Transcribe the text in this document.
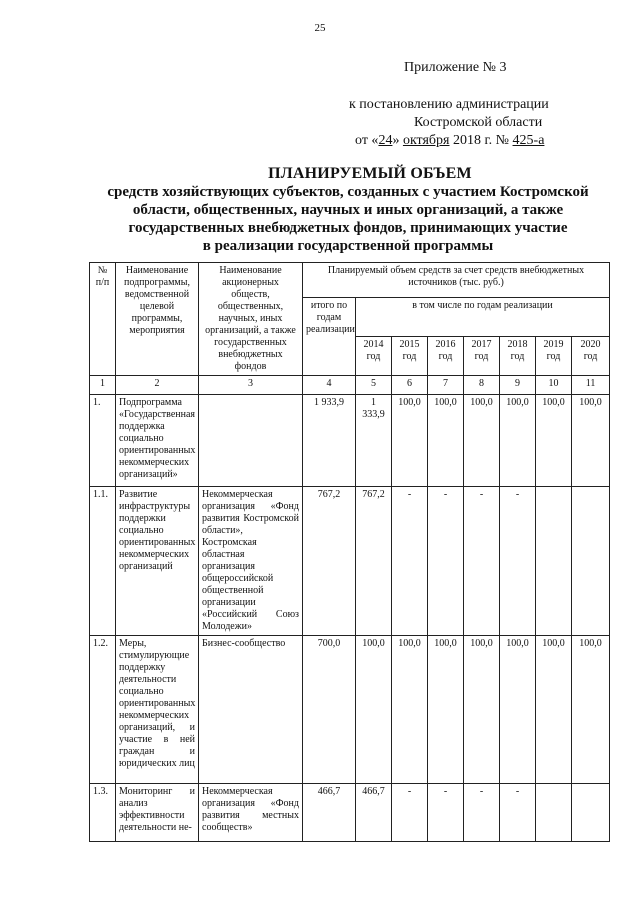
25
Приложение № 3
к постановлению администрации
Костромской области
от «24» октября 2018 г. № 425-а
ПЛАНИРУЕМЫЙ ОБЪЕМ
средств хозяйствующих субъектов, созданных с участием Костромской
области, общественных, научных и иных организаций, а также
государственных внебюджетных фондов, принимающих участие
в реализации государственной программы
№ п/п	Наименование подпрограммы, ведомственной целевой программы, мероприятия	Наименование акционерных обществ, общественных, научных, иных организаций, а также государственных внебюджетных фондов	Планируемый объем средств за счет средств внебюджетных источников (тыс. руб.)							
			итого по годам реализации	в том числе по годам реализации						
				2014 год	2015 год	2016 год	2017 год	2018 год	2019 год	2020 год
1	2	3	4	5	6	7	8	9	10	11
1.	Подпрограмма «Государственная поддержка социально ориентированных некоммерческих организаций»		1 933,9	1 333,9	100,0	100,0	100,0	100,0	100,0	100,0
1.1.	Развитие инфраструктуры поддержки социально ориентированных некоммерческих организаций	Некоммерческая организация «Фонд развития Костромской области», Костромская областная организация общероссийской общественной организации «Российский Союз Молодежи»	767,2	767,2	-	-	-	-		
1.2.	Меры, стимулирующие поддержку деятельности социально ориентированных некоммерческих организаций, и участие в ней граждан и юридических лиц	Бизнес-сообщество	700,0	100,0	100,0	100,0	100,0	100,0	100,0	100,0
1.3.	Мониторинг и анализ эффективности деятельности не-	Некоммерческая организация «Фонд развития местных сообществ»	466,7	466,7	-	-	-	-		
